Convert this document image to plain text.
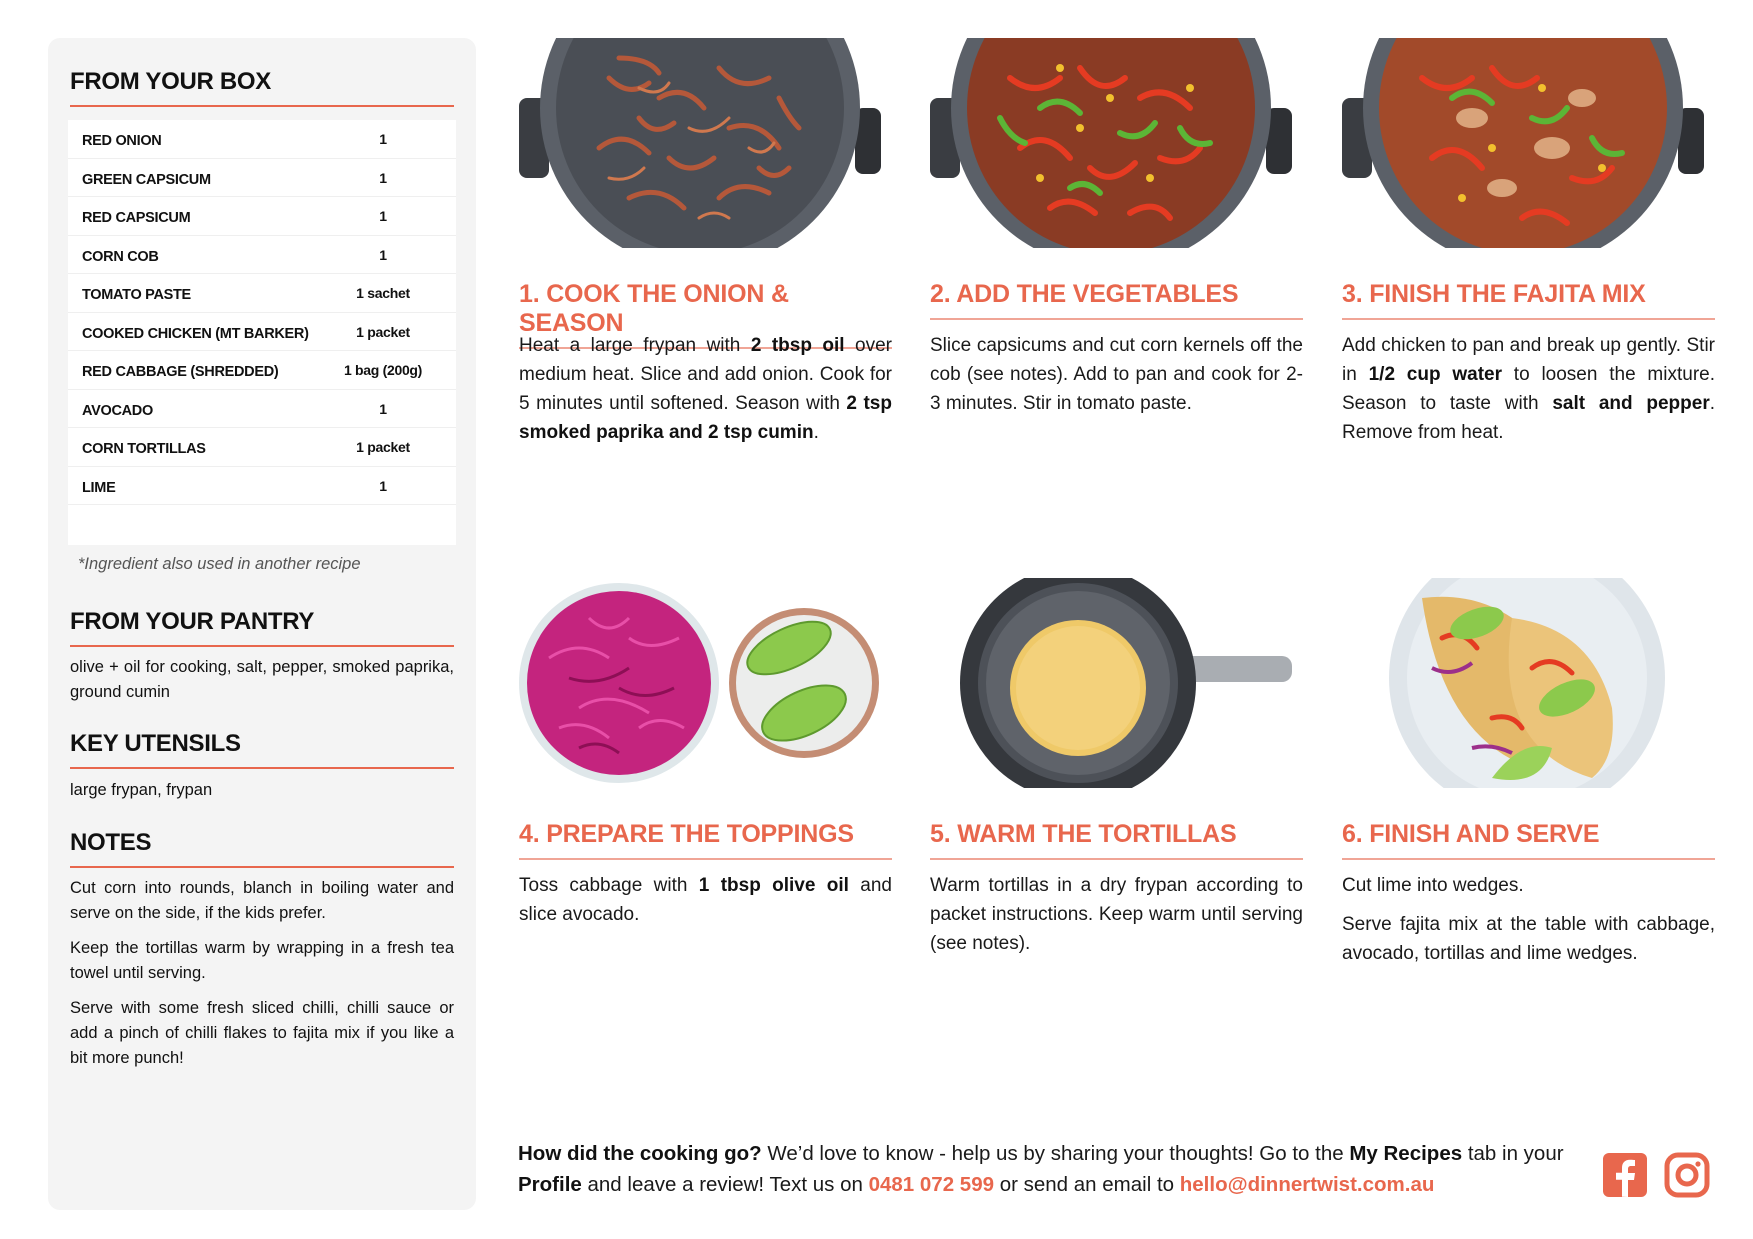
FROM YOUR BOX
RED ONION	1
GREEN CAPSICUM	1
RED CAPSICUM	1
CORN COB	1
TOMATO PASTE	1 sachet
COOKED CHICKEN (MT BARKER)	1 packet
RED CABBAGE (SHREDDED)	1 bag (200g)
AVOCADO	1
CORN TORTILLAS	1 packet
LIME	1
*Ingredient also used in another recipe
FROM YOUR PANTRY
olive + oil for cooking, salt, pepper, smoked paprika, ground cumin
KEY UTENSILS
large frypan, frypan
NOTES

Cut corn into rounds, blanch in boiling water and serve on the side, if the kids prefer.

Keep the tortillas warm by wrapping in a fresh tea towel until serving.

Serve with some fresh sliced chilli, chilli sauce or add a pinch of chilli flakes to fajita mix if you like a bit more punch!

1. COOK THE ONION & SEASON

Heat a large frypan with 2 tbsp oil over medium heat. Slice and add onion. Cook for 5 minutes until softened. Season with 2 tsp smoked paprika and 2 tsp cumin.

2. ADD THE VEGETABLES

Slice capsicums and cut corn kernels off the cob (see notes). Add to pan and cook for 2-3 minutes. Stir in tomato paste.

3. FINISH THE FAJITA MIX

Add chicken to pan and break up gently. Stir in 1/2 cup water to loosen the mixture. Season to taste with salt and pepper. Remove from heat.

4. PREPARE THE TOPPINGS

Toss cabbage with 1 tbsp olive oil and slice avocado.

5. WARM THE TORTILLAS

Warm tortillas in a dry frypan according to packet instructions. Keep warm until serving (see notes).

6. FINISH AND SERVE

Cut lime into wedges.

Serve fajita mix at the table with cabbage, avocado, tortillas and lime wedges.

How did the cooking go? We’d love to know - help us by sharing your thoughts! Go to the My Recipes tab in your Profile and leave a review! Text us on 0481 072 599 or send an email to hello@dinnertwist.com.au
